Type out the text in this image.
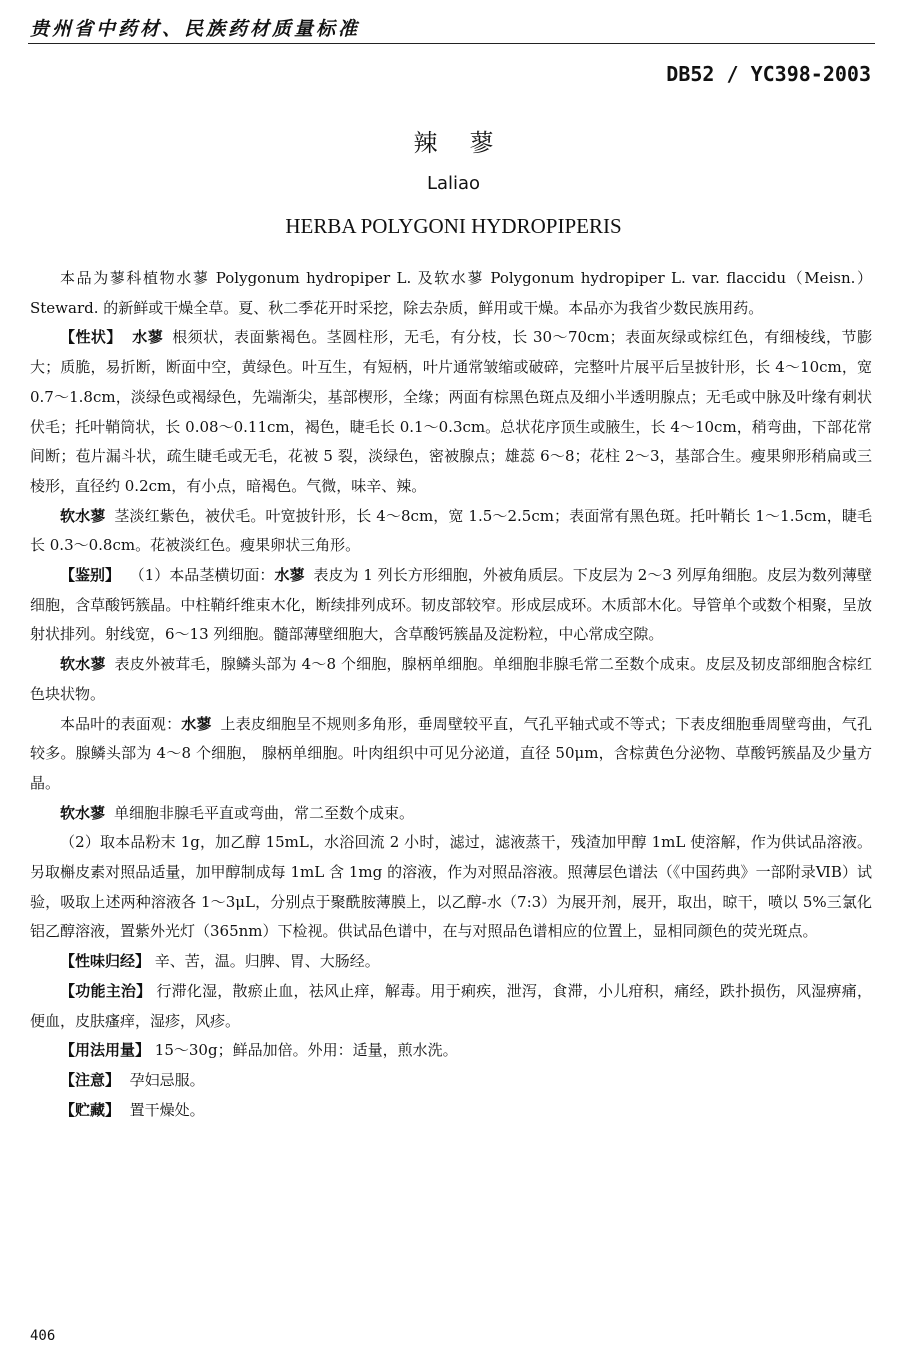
贵州省中药材、民族药材质量标准
DB52 / YC398-2003
辣蓼
Laliao
HERBA POLYGONI HYDROPIPERIS

本品为蓼科植物水蓼 Polygonum hydropiper L. 及软水蓼 Polygonum hydropiper L. var. flaccidu（Meisn.）Steward. 的新鲜或干燥全草。夏、秋二季花开时采挖，除去杂质，鲜用或干燥。本品亦为我省少数民族用药。

【性状】 水蓼 根须状，表面紫褐色。茎圆柱形，无毛，有分枝，长 30～70cm；表面灰绿或棕红色，有细棱线，节膨大；质脆，易折断，断面中空，黄绿色。叶互生，有短柄，叶片通常皱缩或破碎，完整叶片展平后呈披针形，长 4～10cm，宽 0.7～1.8cm，淡绿色或褐绿色，先端渐尖，基部楔形，全缘；两面有棕黑色斑点及细小半透明腺点；无毛或中脉及叶缘有刺状伏毛；托叶鞘筒状，长 0.08～0.11cm，褐色，睫毛长 0.1～0.3cm。总状花序顶生或腋生，长 4～10cm，稍弯曲，下部花常间断；苞片漏斗状，疏生睫毛或无毛，花被 5 裂，淡绿色，密被腺点；雄蕊 6～8；花柱 2～3，基部合生。瘦果卵形稍扁或三棱形，直径约 0.2cm，有小点，暗褐色。气微，味辛、辣。

软水蓼 茎淡红紫色，被伏毛。叶宽披针形，长 4～8cm，宽 1.5～2.5cm；表面常有黑色斑。托叶鞘长 1～1.5cm，睫毛长 0.3～0.8cm。花被淡红色。瘦果卵状三角形。

【鉴别】 （1）本品茎横切面：水蓼 表皮为 1 列长方形细胞，外被角质层。下皮层为 2～3 列厚角细胞。皮层为数列薄壁细胞，含草酸钙簇晶。中柱鞘纤维束木化，断续排列成环。韧皮部较窄。形成层成环。木质部木化。导管单个或数个相聚，呈放射状排列。射线宽，6～13 列细胞。髓部薄壁细胞大，含草酸钙簇晶及淀粉粒，中心常成空隙。

软水蓼 表皮外被茸毛，腺鳞头部为 4～8 个细胞，腺柄单细胞。单细胞非腺毛常二至数个成束。皮层及韧皮部细胞含棕红色块状物。

本品叶的表面观：水蓼 上表皮细胞呈不规则多角形，垂周壁较平直，气孔平轴式或不等式；下表皮细胞垂周壁弯曲，气孔较多。腺鳞头部为 4～8 个细胞， 腺柄单细胞。叶肉组织中可见分泌道，直径 50μm，含棕黄色分泌物、草酸钙簇晶及少量方晶。

软水蓼 单细胞非腺毛平直或弯曲，常二至数个成束。

（2）取本品粉末 1g，加乙醇 15mL，水浴回流 2 小时，滤过，滤液蒸干，残渣加甲醇 1mL 使溶解，作为供试品溶液。另取槲皮素对照品适量，加甲醇制成每 1mL 含 1mg 的溶液，作为对照品溶液。照薄层色谱法（《中国药典》一部附录ⅥB）试验，吸取上述两种溶液各 1～3μL，分别点于聚酰胺薄膜上，以乙醇-水（7:3）为展开剂，展开，取出，晾干，喷以 5%三氯化铝乙醇溶液，置紫外光灯（365nm）下检视。供试品色谱中，在与对照品色谱相应的位置上，显相同颜色的荧光斑点。

【性味归经】 辛、苦，温。归脾、胃、大肠经。

【功能主治】 行滞化湿，散瘀止血，祛风止痒，解毒。用于痢疾，泄泻，食滞，小儿疳积，痛经，跌扑损伤，风湿痹痛，便血，皮肤瘙痒，湿疹，风疹。

【用法用量】 15～30g；鲜品加倍。外用：适量，煎水洗。

【注意】 孕妇忌服。

【贮藏】 置干燥处。

406
